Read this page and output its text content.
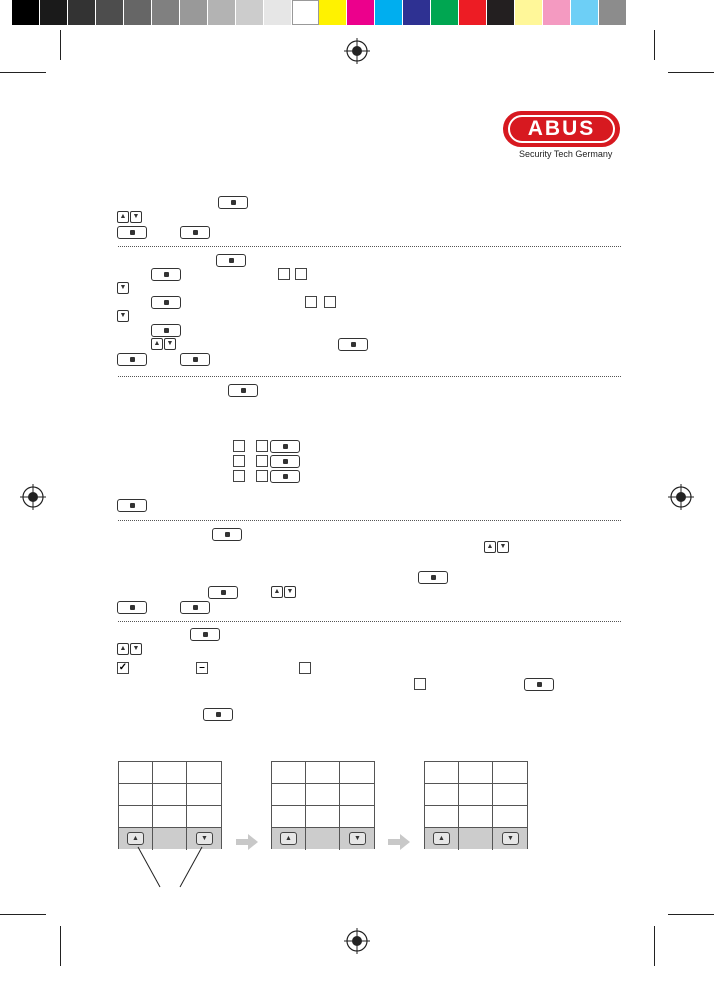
ABUS
Security Tech Germany
▲ ▼
▼
▼
▲ ▼
▲ ▼
▲ ▼
▲ ▼
✓	–
▲	▼	▲	▼	▲	▼
